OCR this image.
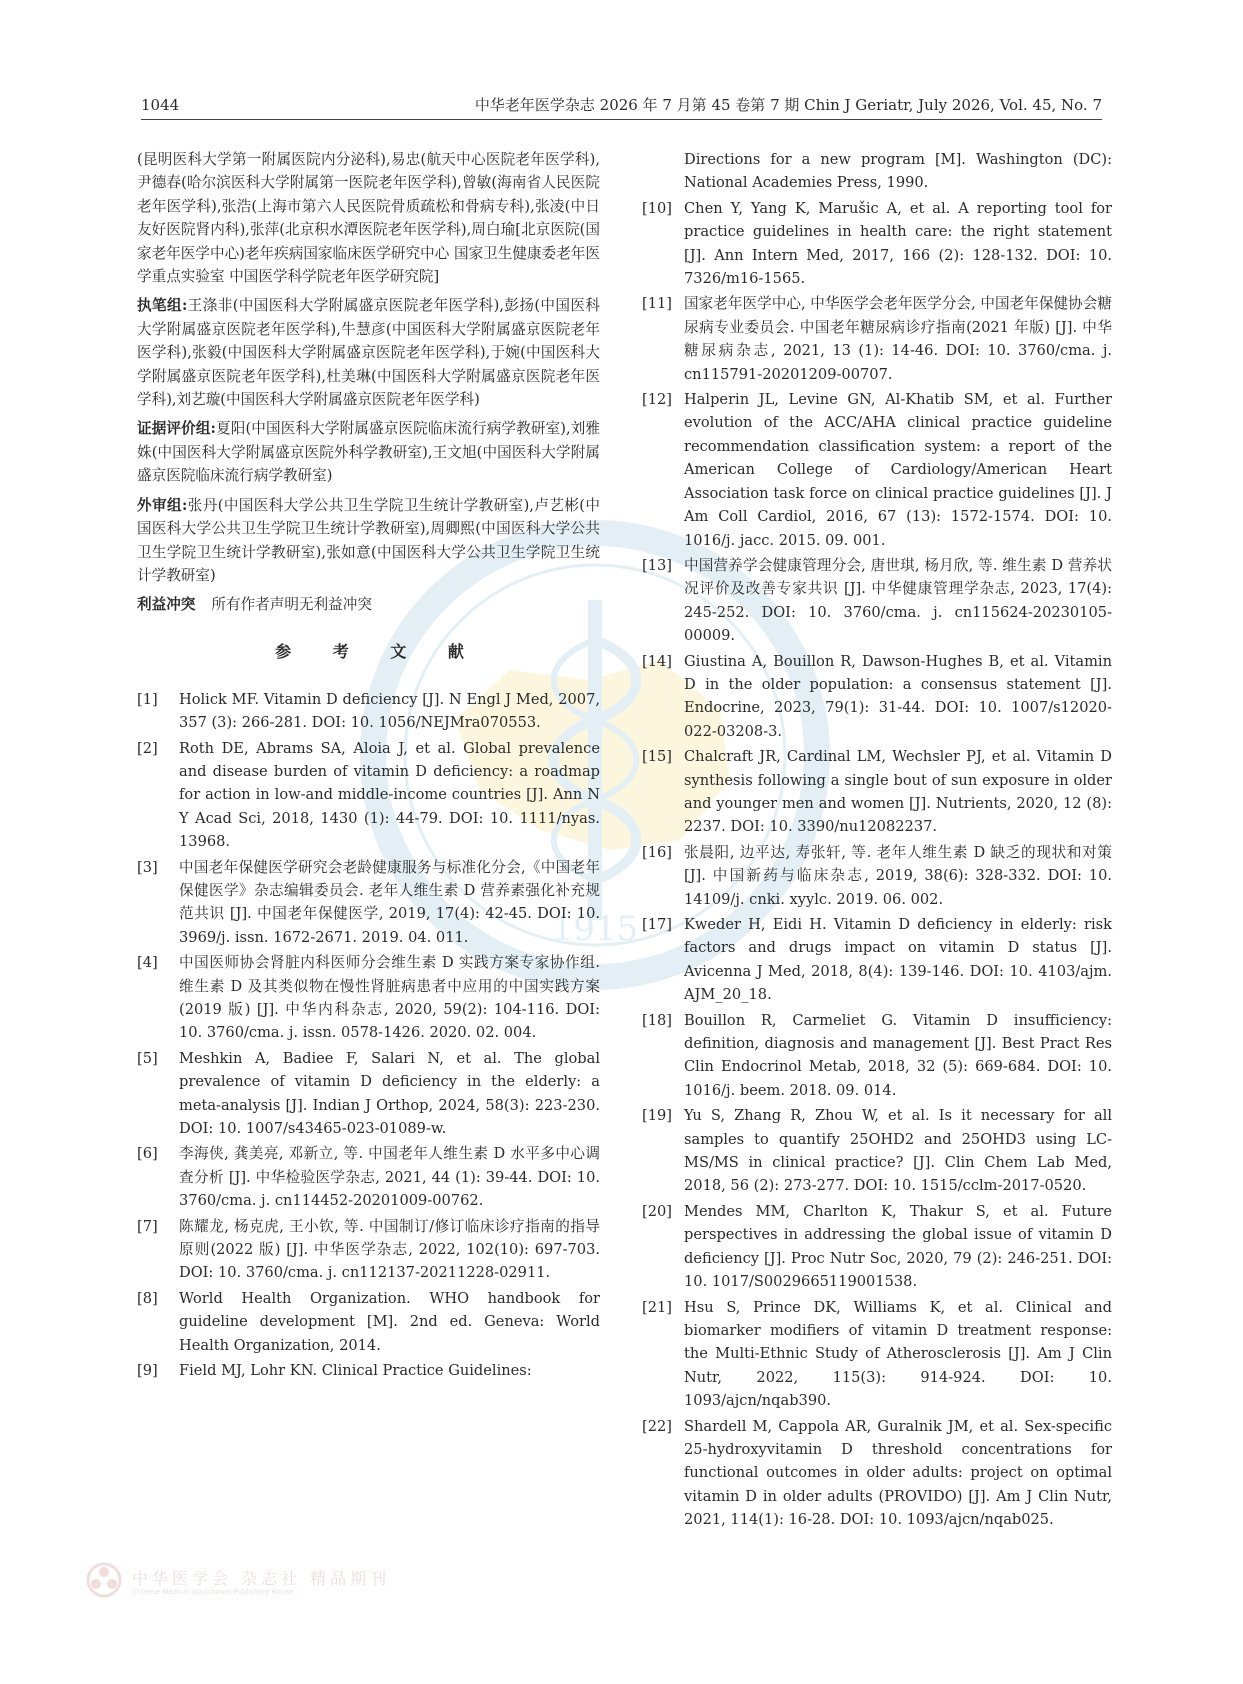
1915
1044	中华老年医学杂志 2026 年 7 月第 45 卷第 7 期 Chin J Geriatr, July 2026, Vol. 45, No. 7

(昆明医科大学第一附属医院内分泌科),易忠(航天中心医院老年医学科),尹德春(哈尔滨医科大学附属第一医院老年医学科),曾敏(海南省人民医院老年医学科),张浩(上海市第六人民医院骨质疏松和骨病专科),张凌(中日友好医院肾内科),张萍(北京积水潭医院老年医学科),周白瑜[北京医院(国家老年医学中心)老年疾病国家临床医学研究中心 国家卫生健康委老年医学重点实验室 中国医学科学院老年医学研究院]

执笔组:王涤非(中国医科大学附属盛京医院老年医学科),彭扬(中国医科大学附属盛京医院老年医学科),牛慧彦(中国医科大学附属盛京医院老年医学科),张毅(中国医科大学附属盛京医院老年医学科),于婉(中国医科大学附属盛京医院老年医学科),杜美琳(中国医科大学附属盛京医院老年医学科),刘艺璇(中国医科大学附属盛京医院老年医学科)

证据评价组:夏阳(中国医科大学附属盛京医院临床流行病学教研室),刘雅姝(中国医科大学附属盛京医院外科学教研室),王文旭(中国医科大学附属盛京医院临床流行病学教研室)

外审组:张丹(中国医科大学公共卫生学院卫生统计学教研室),卢艺彬(中国医科大学公共卫生学院卫生统计学教研室),周卿熙(中国医科大学公共卫生学院卫生统计学教研室),张如意(中国医科大学公共卫生学院卫生统计学教研室)

利益冲突 所有作者声明无利益冲突

参 考 文 献
[1] Holick MF. Vitamin D deficiency [J]. N Engl J Med, 2007, 357 (3): 266-281. DOI: 10. 1056/NEJMra070553.
[2] Roth DE, Abrams SA, Aloia J, et al. Global prevalence and disease burden of vitamin D deficiency: a roadmap for action in low-and middle-income countries [J]. Ann N Y Acad Sci, 2018, 1430 (1): 44-79. DOI: 10. 1111/nyas. 13968.
[3] 中国老年保健医学研究会老龄健康服务与标准化分会,《中国老年保健医学》杂志编辑委员会. 老年人维生素 D 营养素强化补充规范共识 [J]. 中国老年保健医学, 2019, 17(4): 42-45. DOI: 10. 3969/j. issn. 1672-2671. 2019. 04. 011.
[4] 中国医师协会肾脏内科医师分会维生素 D 实践方案专家协作组. 维生素 D 及其类似物在慢性肾脏病患者中应用的中国实践方案(2019 版) [J]. 中华内科杂志, 2020, 59(2): 104-116. DOI: 10. 3760/cma. j. issn. 0578-1426. 2020. 02. 004.
[5] Meshkin A, Badiee F, Salari N, et al. The global prevalence of vitamin D deficiency in the elderly: a meta-analysis [J]. Indian J Orthop, 2024, 58(3): 223-230. DOI: 10. 1007/s43465-023-01089-w.
[6] 李海侠, 龚美亮, 邓新立, 等. 中国老年人维生素 D 水平多中心调查分析 [J]. 中华检验医学杂志, 2021, 44 (1): 39-44. DOI: 10. 3760/cma. j. cn114452-20201009-00762.
[7] 陈耀龙, 杨克虎, 王小钦, 等. 中国制订/修订临床诊疗指南的指导原则(2022 版) [J]. 中华医学杂志, 2022, 102(10): 697-703. DOI: 10. 3760/cma. j. cn112137-20211228-02911.
[8] World Health Organization. WHO handbook for guideline development [M]. 2nd ed. Geneva: World Health Organization, 2014.
[9] Field MJ, Lohr KN. Clinical Practice Guidelines:
Directions for a new program [M]. Washington (DC): National Academies Press, 1990.
[10] Chen Y, Yang K, Marušic A, et al. A reporting tool for practice guidelines in health care: the right statement [J]. Ann Intern Med, 2017, 166 (2): 128-132. DOI: 10. 7326/m16-1565.
[11] 国家老年医学中心, 中华医学会老年医学分会, 中国老年保健协会糖尿病专业委员会. 中国老年糖尿病诊疗指南(2021 年版) [J]. 中华糖尿病杂志, 2021, 13 (1): 14-46. DOI: 10. 3760/cma. j. cn115791-20201209-00707.
[12] Halperin JL, Levine GN, Al-Khatib SM, et al. Further evolution of the ACC/AHA clinical practice guideline recommendation classification system: a report of the American College of Cardiology/American Heart Association task force on clinical practice guidelines [J]. J Am Coll Cardiol, 2016, 67 (13): 1572-1574. DOI: 10. 1016/j. jacc. 2015. 09. 001.
[13] 中国营养学会健康管理分会, 唐世琪, 杨月欣, 等. 维生素 D 营养状况评价及改善专家共识 [J]. 中华健康管理学杂志, 2023, 17(4): 245-252. DOI: 10. 3760/cma. j. cn115624-20230105-00009.
[14] Giustina A, Bouillon R, Dawson-Hughes B, et al. Vitamin D in the older population: a consensus statement [J]. Endocrine, 2023, 79(1): 31-44. DOI: 10. 1007/s12020-022-03208-3.
[15] Chalcraft JR, Cardinal LM, Wechsler PJ, et al. Vitamin D synthesis following a single bout of sun exposure in older and younger men and women [J]. Nutrients, 2020, 12 (8): 2237. DOI: 10. 3390/nu12082237.
[16] 张晨阳, 边平达, 寿张轩, 等. 老年人维生素 D 缺乏的现状和对策 [J]. 中国新药与临床杂志, 2019, 38(6): 328-332. DOI: 10. 14109/j. cnki. xyylc. 2019. 06. 002.
[17] Kweder H, Eidi H. Vitamin D deficiency in elderly: risk factors and drugs impact on vitamin D status [J]. Avicenna J Med, 2018, 8(4): 139-146. DOI: 10. 4103/ajm. AJM_20_18.
[18] Bouillon R, Carmeliet G. Vitamin D insufficiency: definition, diagnosis and management [J]. Best Pract Res Clin Endocrinol Metab, 2018, 32 (5): 669-684. DOI: 10. 1016/j. beem. 2018. 09. 014.
[19] Yu S, Zhang R, Zhou W, et al. Is it necessary for all samples to quantify 25OHD2 and 25OHD3 using LC-MS/MS in clinical practice? [J]. Clin Chem Lab Med, 2018, 56 (2): 273-277. DOI: 10. 1515/cclm-2017-0520.
[20] Mendes MM, Charlton K, Thakur S, et al. Future perspectives in addressing the global issue of vitamin D deficiency [J]. Proc Nutr Soc, 2020, 79 (2): 246-251. DOI: 10. 1017/S0029665119001538.
[21] Hsu S, Prince DK, Williams K, et al. Clinical and biomarker modifiers of vitamin D treatment response: the Multi-Ethnic Study of Atherosclerosis [J]. Am J Clin Nutr, 2022, 115(3): 914-924. DOI: 10. 1093/ajcn/nqab390.
[22] Shardell M, Cappola AR, Guralnik JM, et al. Sex-specific 25-hydroxyvitamin D threshold concentrations for functional outcomes in older adults: project on optimal vitamin D in older adults (PROVIDO) [J]. Am J Clin Nutr, 2021, 114(1): 16-28. DOI: 10. 1093/ajcn/nqab025.
中华医学会 杂志社 精品期刊
Chinese Medical Association Publishing House
